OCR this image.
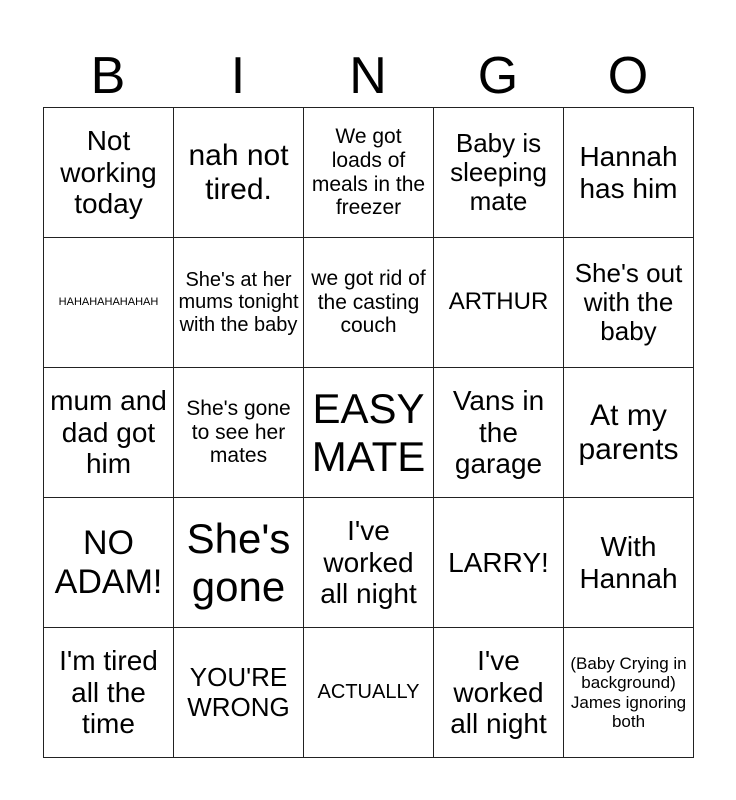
B	I	N	G	O
Not working today	nah not tired.	We got loads of meals in the freezer	Baby is sleeping mate	Hannah has him
HAHAHAHAHAHAH	She's at her mums tonight with the baby	we got rid of the casting couch	ARTHUR	She's out with the baby
mum and dad got him	She's gone to see her mates	EASY MATE	Vans in the garage	At my parents
NO ADAM!	She's gone	I've worked all night	LARRY!	With Hannah
I'm tired all the time	YOU'RE WRONG	ACTUALLY	I've worked all night	(Baby Crying in background) James ignoring both
